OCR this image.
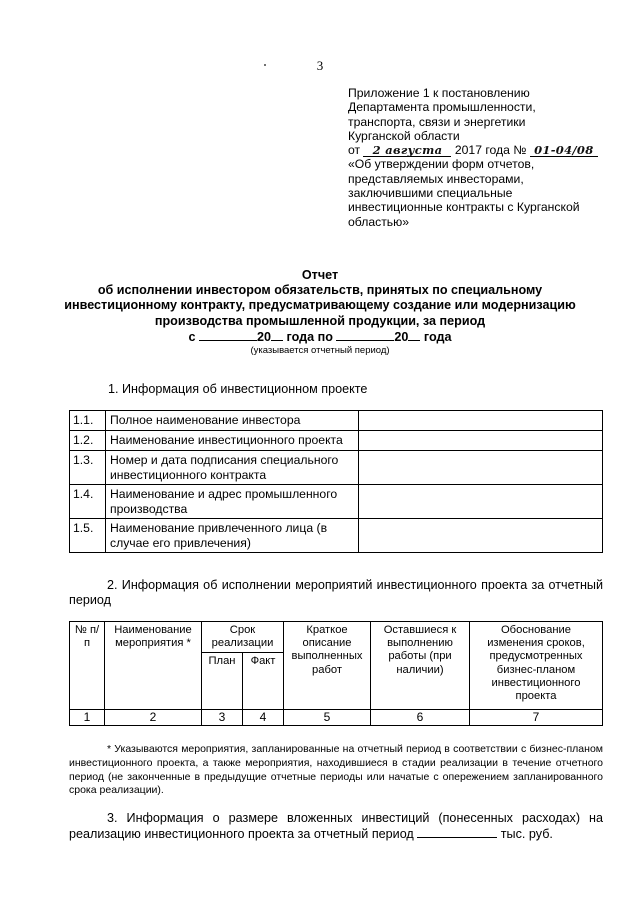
3
Приложение 1 к постановлению
Департамента промышленности,
транспорта, связи и энергетики
Курганской области
от 2 августа 2017 года № 01-04/08
«Об утверждении форм отчетов,
представляемых инвесторами,
заключившими специальные
инвестиционные контракты с Курганской
областью»
Отчет
об исполнении инвестором обязательств, принятых по специальному
инвестиционному контракту, предусматривающему создание или модернизацию
производства промышленной продукции, за период
с	20 года по	20 года
(указывается отчетный период)
1. Информация об инвестиционном проекте
1.1.	Полное наименование инвестора	
1.2.	Наименование инвестиционного проекта	
1.3.	Номер и дата подписания специального инвестиционного контракта	
1.4.	Наименование и адрес промышленного производства	
1.5.	Наименование привлеченного лица (в случае его привлечения)	
2. Информация об исполнении мероприятий инвестиционного проекта за отчетный период
№ п/п	Наименование мероприятия *	Срок реализации		Краткое описание выполненных работ	Оставшиеся к выполнению работы (при наличии)	Обоснование изменения сроков, предусмотренных бизнес-планом инвестиционного проекта
		План	Факт			
1	2	3	4	5	6	7
* Указываются мероприятия, запланированные на отчетный период в соответствии с бизнес-планом инвестиционного проекта, а также мероприятия, находившиеся в стадии реализации в течение отчетного период (не законченные в предыдущие отчетные периоды или начатые с опережением запланированного срока реализации).
3. Информация о размере вложенных инвестиций (понесенных расходах) на реализацию инвестиционного проекта за отчетный период	тыс. руб.
